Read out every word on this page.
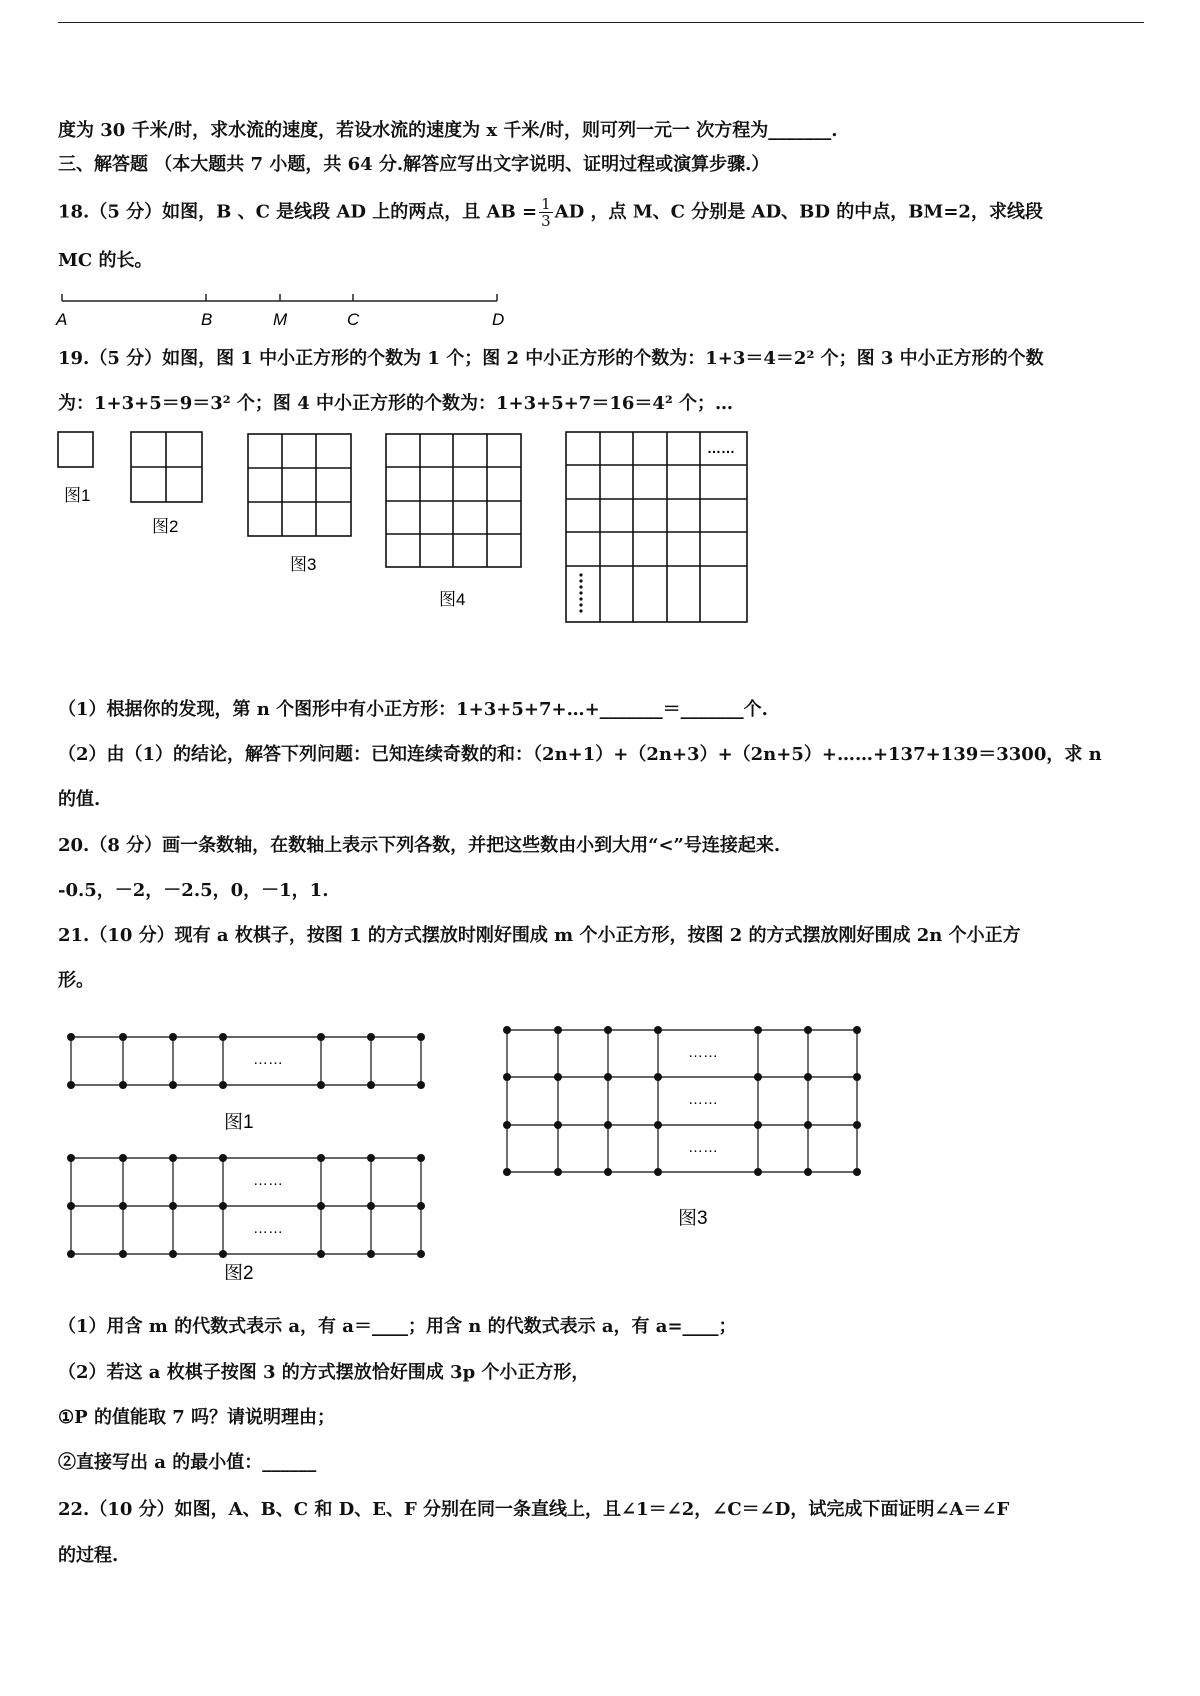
度为 30 千米/时，求水流的速度，若设水流的速度为 x 千米/时，则可列一元一 次方程为_______.
三、解答题 （本大题共 7 小题，共 64 分.解答应写出文字说明、证明过程或演算步骤.）
18.（5 分）如图，B 、C 是线段 AD 上的两点，且 AB = $\frac{1}{3}$ AD ，点 M、C 分别是 AD、BD 的中点，BM=2，求线段
MC 的长。
A	B	M	C	D
19.（5 分）如图，图 1 中小正方形的个数为 1 个；图 2 中小正方形的个数为：1+3＝4＝2² 个；图 3 中小正方形的个数
为：1+3+5＝9＝3² 个；图 4 中小正方形的个数为：1+3+5+7＝16＝4² 个；…
……
图1
图2
图3
图4
（1）根据你的发现，第 n 个图形中有小正方形：1+3+5+7+…+_______＝_______个.
（2）由（1）的结论，解答下列问题：已知连续奇数的和：（2n+1）+（2n+3）+（2n+5）+……+137+139＝3300，求 n
的值.
20.（8 分）画一条数轴，在数轴上表示下列各数，并把这些数由小到大用“<”号连接起来.
-0.5，－2，－2.5，0，－1，1.
21.（10 分）现有 a 枚棋子，按图 1 的方式摆放时刚好围成 m 个小正方形，按图 2 的方式摆放刚好围成 2n 个小正方
形。
……
……
……
……
……
……
图1
图2
图3
（1）用含 m 的代数式表示 a，有 a＝____；用含 n 的代数式表示 a，有 a=____；
（2）若这 a 枚棋子按图 3 的方式摆放恰好围成 3p 个小正方形，
①P 的值能取 7 吗？请说明理由；
②直接写出 a 的最小值：______
22.（10 分）如图，A、B、C 和 D、E、F 分别在同一条直线上，且∠1＝∠2，∠C＝∠D，试完成下面证明∠A＝∠F
的过程.
